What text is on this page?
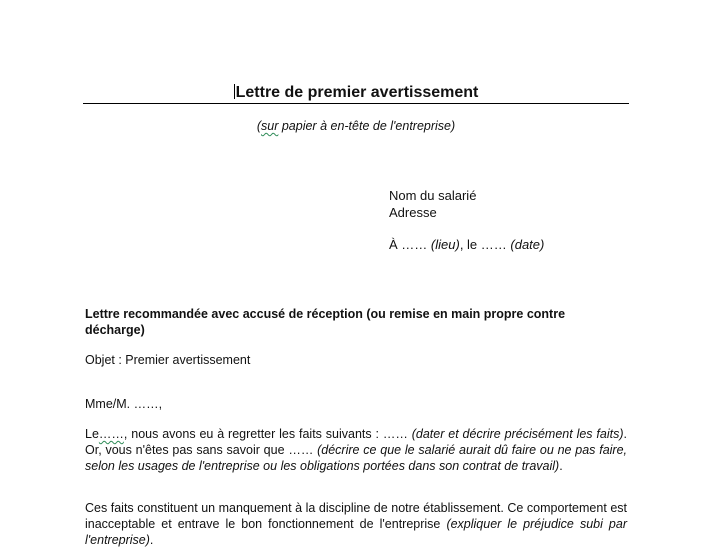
Lettre de premier avertissement
(sur papier à en-tête de l'entreprise)
Nom du salarié
Adresse
À …… (lieu), le …… (date)
Lettre recommandée avec accusé de réception (ou remise en main propre contre décharge)
Objet : Premier avertissement
Mme/M. ……,
Le……, nous avons eu à regretter les faits suivants : …… (dater et décrire précisément les faits). Or, vous n'êtes pas sans savoir que …… (décrire ce que le salarié aurait dû faire ou ne pas faire, selon les usages de l'entreprise ou les obligations portées dans son contrat de travail).
Ces faits constituent un manquement à la discipline de notre établissement. Ce comportement est inacceptable et entrave le bon fonctionnement de l'entreprise (expliquer le préjudice subi par l'entreprise).
